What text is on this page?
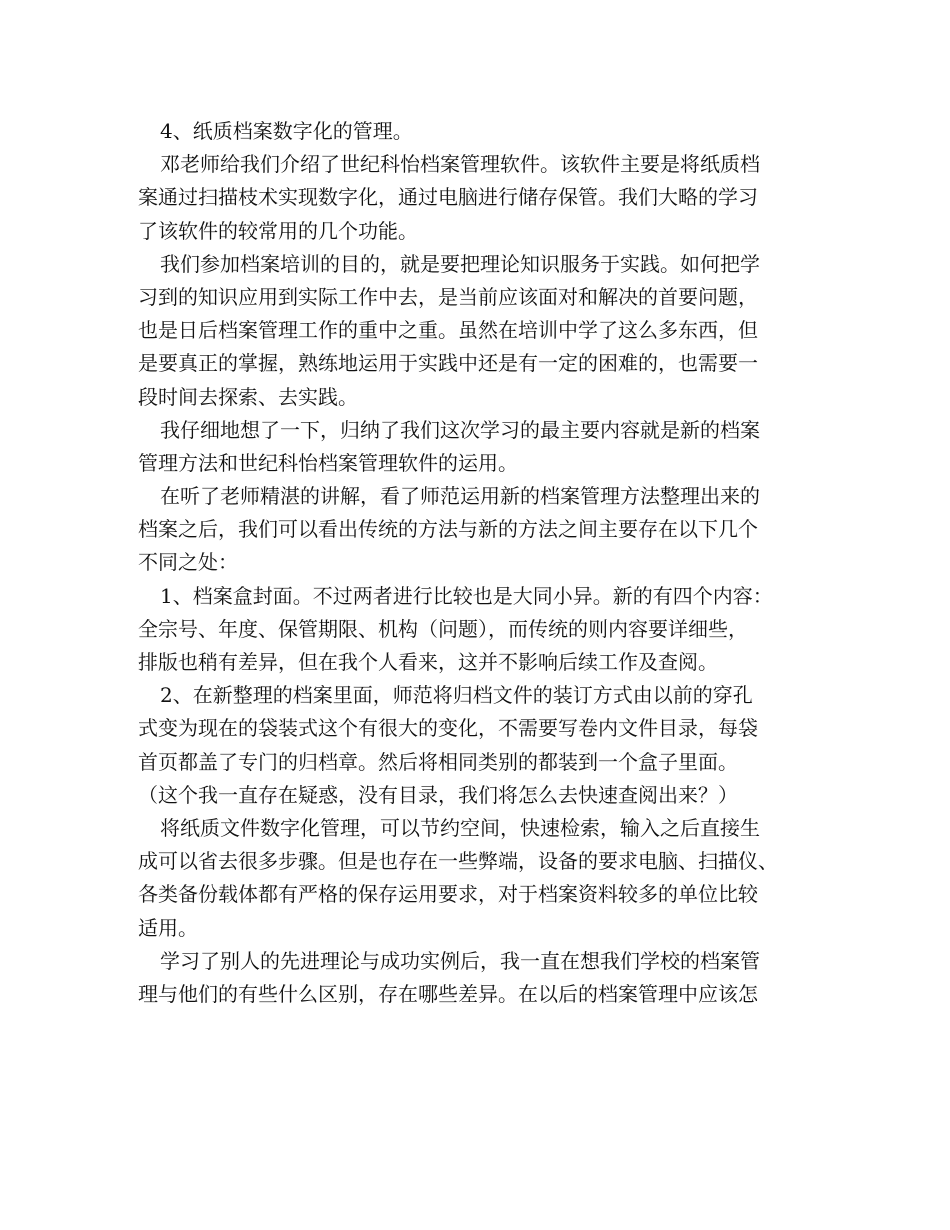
4、纸质档案数字化的管理。
邓老师给我们介绍了世纪科怡档案管理软件。该软件主要是将纸质档
案通过扫描枝术实现数字化，通过电脑进行储存保管。我们大略的学习
了该软件的较常用的几个功能。
我们参加档案培训的目的，就是要把理论知识服务于实践。如何把学
习到的知识应用到实际工作中去，是当前应该面对和解决的首要问题，
也是日后档案管理工作的重中之重。虽然在培训中学了这么多东西，但
是要真正的掌握，熟练地运用于实践中还是有一定的困难的，也需要一
段时间去探索、去实践。
我仔细地想了一下，归纳了我们这次学习的最主要内容就是新的档案
管理方法和世纪科怡档案管理软件的运用。
在听了老师精湛的讲解，看了师范运用新的档案管理方法整理出来的
档案之后，我们可以看出传统的方法与新的方法之间主要存在以下几个
不同之处：
1、档案盒封面。不过两者进行比较也是大同小异。新的有四个内容：
全宗号、年度、保管期限、机构（问题），而传统的则内容要详细些，
排版也稍有差异，但在我个人看来，这并不影响后续工作及查阅。
2、在新整理的档案里面，师范将归档文件的装订方式由以前的穿孔
式变为现在的袋装式这个有很大的变化，不需要写卷内文件目录，每袋
首页都盖了专门的归档章。然后将相同类别的都装到一个盒子里面。
（这个我一直存在疑惑，没有目录，我们将怎么去快速查阅出来？）
将纸质文件数字化管理，可以节约空间，快速检索，输入之后直接生
成可以省去很多步骤。但是也存在一些弊端，设备的要求电脑、扫描仪、
各类备份载体都有严格的保存运用要求，对于档案资料较多的单位比较
适用。
学习了别人的先进理论与成功实例后，我一直在想我们学校的档案管
理与他们的有些什么区别，存在哪些差异。在以后的档案管理中应该怎
